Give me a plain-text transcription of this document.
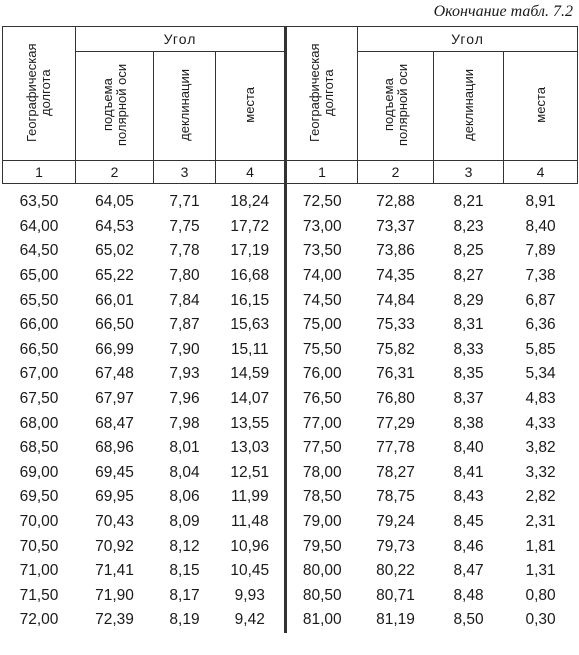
Окончание табл. 7.2
Географическая долгота	Угол			Географическая долгота	Угол		
	подъема полярной оси	деклинации	места		подъема полярной оси	деклинации	места
1	2	3	4	1	2	3	4
63,50	64,05	7,71	18,24	72,50	72,88	8,21	8,91
64,00	64,53	7,75	17,72	73,00	73,37	8,23	8,40
64,50	65,02	7,78	17,19	73,50	73,86	8,25	7,89
65,00	65,22	7,80	16,68	74,00	74,35	8,27	7,38
65,50	66,01	7,84	16,15	74,50	74,84	8,29	6,87
66,00	66,50	7,87	15,63	75,00	75,33	8,31	6,36
66,50	66,99	7,90	15,11	75,50	75,82	8,33	5,85
67,00	67,48	7,93	14,59	76,00	76,31	8,35	5,34
67,50	67,97	7,96	14,07	76,50	76,80	8,37	4,83
68,00	68,47	7,98	13,55	77,00	77,29	8,38	4,33
68,50	68,96	8,01	13,03	77,50	77,78	8,40	3,82
69,00	69,45	8,04	12,51	78,00	78,27	8,41	3,32
69,50	69,95	8,06	11,99	78,50	78,75	8,43	2,82
70,00	70,43	8,09	11,48	79,00	79,24	8,45	2,31
70,50	70,92	8,12	10,96	79,50	79,73	8,46	1,81
71,00	71,41	8,15	10,45	80,00	80,22	8,47	1,31
71,50	71,90	8,17	9,93	80,50	80,71	8,48	0,80
72,00	72,39	8,19	9,42	81,00	81,19	8,50	0,30
